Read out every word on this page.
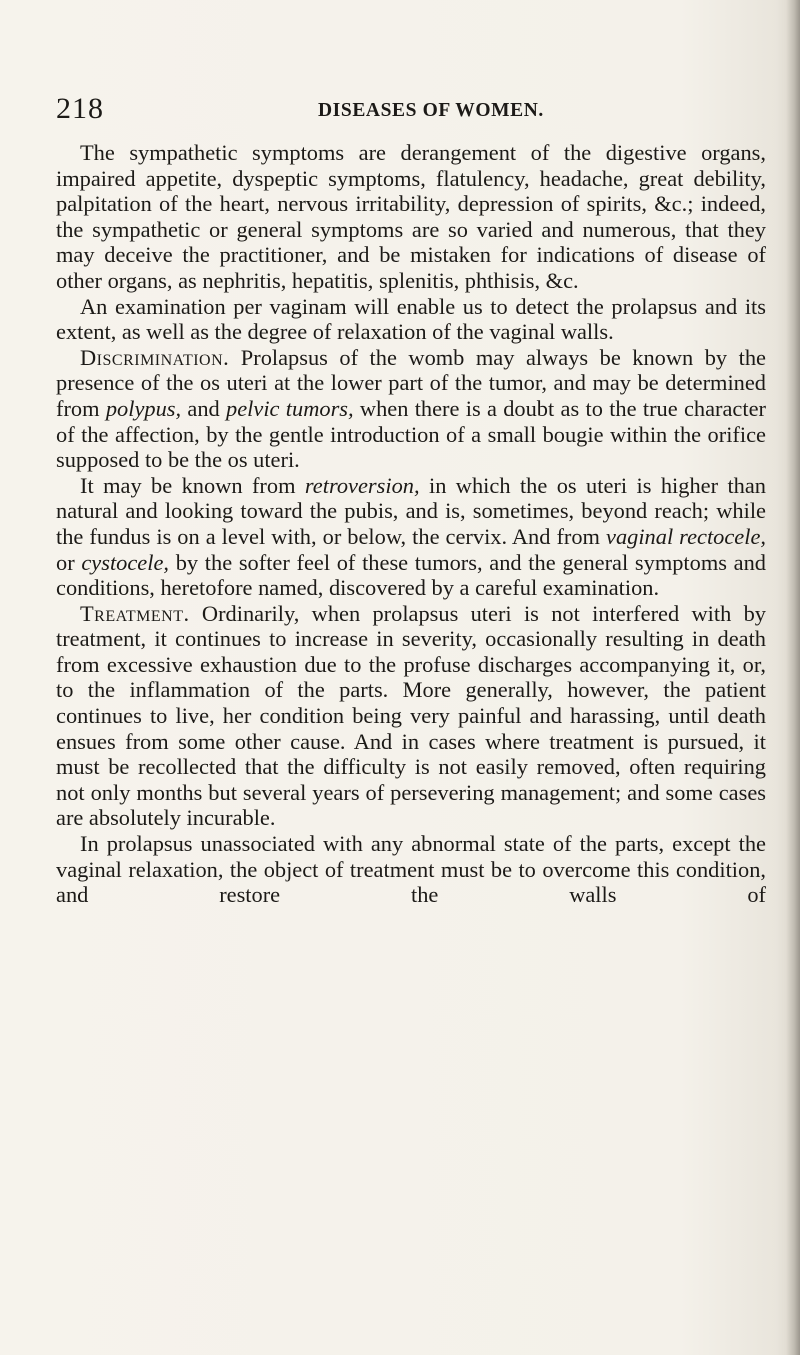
218	DISEASES OF WOMEN.

The sympathetic symptoms are derangement of the digestive organs, impaired appetite, dyspeptic symptoms, flatulency, headache, great debility, palpitation of the heart, nervous irritability, depression of spirits, &c.; indeed, the sympathetic or general symptoms are so varied and numerous, that they may deceive the practitioner, and be mistaken for indications of disease of other organs, as nephritis, hepatitis, splenitis, phthisis, &c.

An examination per vaginam will enable us to detect the prolapsus and its extent, as well as the degree of relaxation of the vaginal walls.

Discrimination. Prolapsus of the womb may always be known by the presence of the os uteri at the lower part of the tumor, and may be determined from polypus, and pelvic tumors, when there is a doubt as to the true character of the affection, by the gentle introduction of a small bougie within the orifice supposed to be the os uteri.

It may be known from retroversion, in which the os uteri is higher than natural and looking toward the pubis, and is, sometimes, beyond reach; while the fundus is on a level with, or below, the cervix. And from vaginal rectocele, or cystocele, by the softer feel of these tumors, and the general symptoms and conditions, heretofore named, discovered by a careful examination.

Treatment. Ordinarily, when prolapsus uteri is not interfered with by treatment, it continues to increase in severity, occasionally resulting in death from excessive exhaustion due to the profuse discharges accompanying it, or, to the inflammation of the parts. More generally, however, the patient continues to live, her condition being very painful and harassing, until death ensues from some other cause. And in cases where treatment is pursued, it must be recollected that the difficulty is not easily removed, often requiring not only months but several years of persevering management; and some cases are absolutely incurable.

In prolapsus unassociated with any abnormal state of the parts, except the vaginal relaxation, the object of treatment must be to overcome this condition, and restore the walls of
